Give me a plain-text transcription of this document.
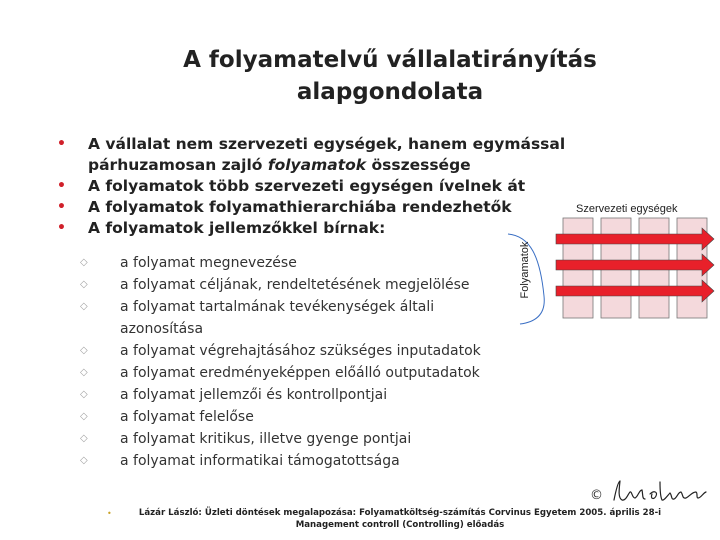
A folyamatelvű vállalatirányítás
alapgondolata
• A vállalat nem szervezeti egységek, hanem egymással párhuzamosan zajló folyamatok összessége
• A folyamatok több szervezeti egységen ívelnek át
• A folyamatok folyamathierarchiába rendezhetők
• A folyamatok jellemzőkkel bírnak:
Szervezeti egységek
Folyamatok
◇ a folyamat megnevezése
◇ a folyamat céljának, rendeltetésének megjelölése
◇ a folyamat tartalmának tevékenységek általi azonosítása
◇ a folyamat végrehajtásához szükséges inputadatok
◇ a folyamat eredményeképpen előálló outputadatok
◇ a folyamat jellemzői és kontrollpontjai
◇ a folyamat felelőse
◇ a folyamat kritikus, illetve gyenge pontjai
◇ a folyamat informatikai támogatottsága
©
•	Lázár László: Üzleti döntések megalapozása: Folyamatköltség-számítás Corvinus Egyetem 2005. április 28-i
Management controll (Controlling) előadás
